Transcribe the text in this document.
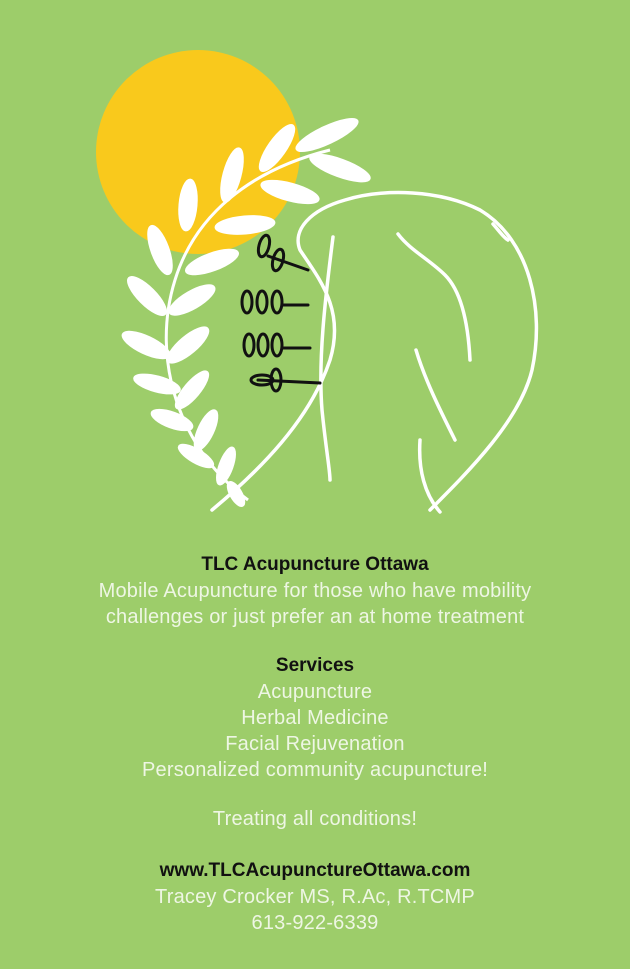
TLC Acupuncture Ottawa
Mobile Acupuncture for those who have mobility
challenges or just prefer an at home treatment
Services
Acupuncture
Herbal Medicine
Facial Rejuvenation
Personalized community acupuncture!
Treating all conditions!
www.TLCAcupunctureOttawa.com
Tracey Crocker MS, R.Ac, R.TCMP
613-922-6339
